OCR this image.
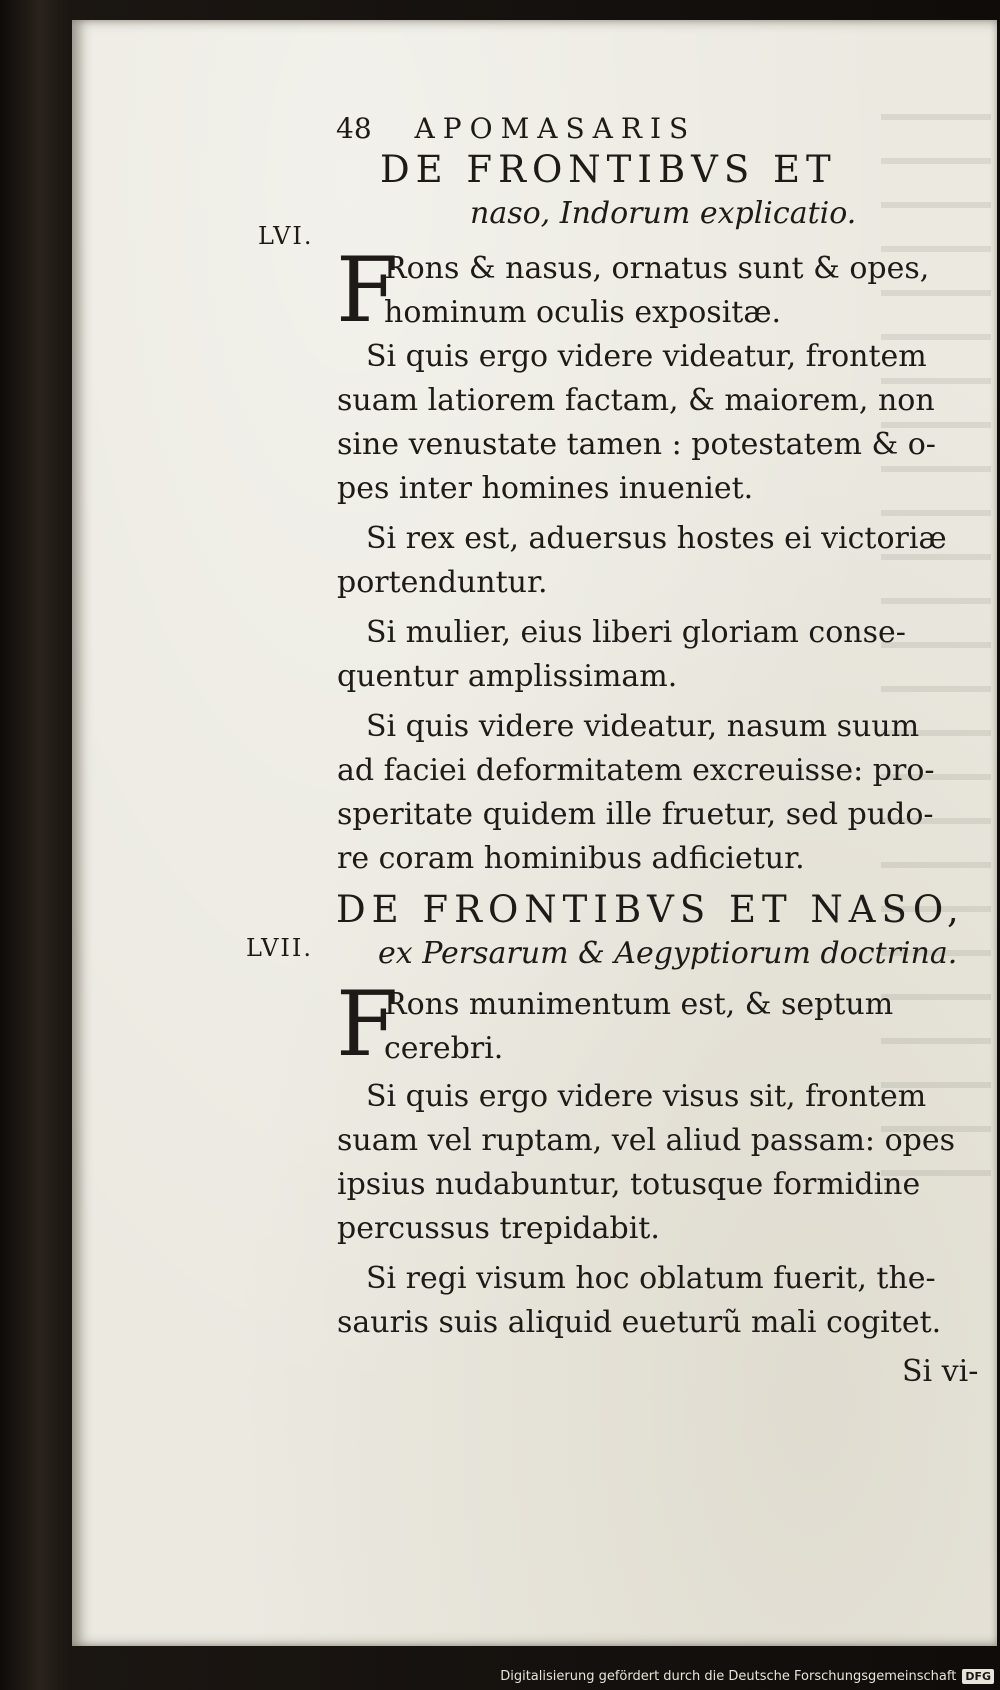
48 APOMASARIS
DE FRONTIBVS ET
naso, Indorum explicatio.
LVI.
F
Rons & nasus, ornatus sunt & opes,
hominum oculis expositæ.
Si quis ergo videre videatur, frontem
suam latiorem factam, & maiorem, non
sine venustate tamen : potestatem & o-
pes inter homines inueniet.
Si rex est, aduersus hostes ei victoriæ
portenduntur.
Si mulier, eius liberi gloriam conse-
quentur amplissimam.
Si quis videre videatur, nasum suum
ad faciei deformitatem excreuisse: pro-
speritate quidem ille fruetur, sed pudo-
re coram hominibus adficietur.
DE FRONTIBVS ET NASO,
LVII. ex Persarum & Aegyptiorum doctrina.
F
Rons munimentum est, & septum
cerebri.
Si quis ergo videre visus sit, frontem
suam vel ruptam, vel aliud passam: opes
ipsius nudabuntur, totusque formidine
percussus trepidabit.
Si regi visum hoc oblatum fuerit, the-
sauris suis aliquid eueturũ mali cogitet.
Si vi-
Digitalisierung gefördert durch die Deutsche Forschungsgemeinschaft DFG
